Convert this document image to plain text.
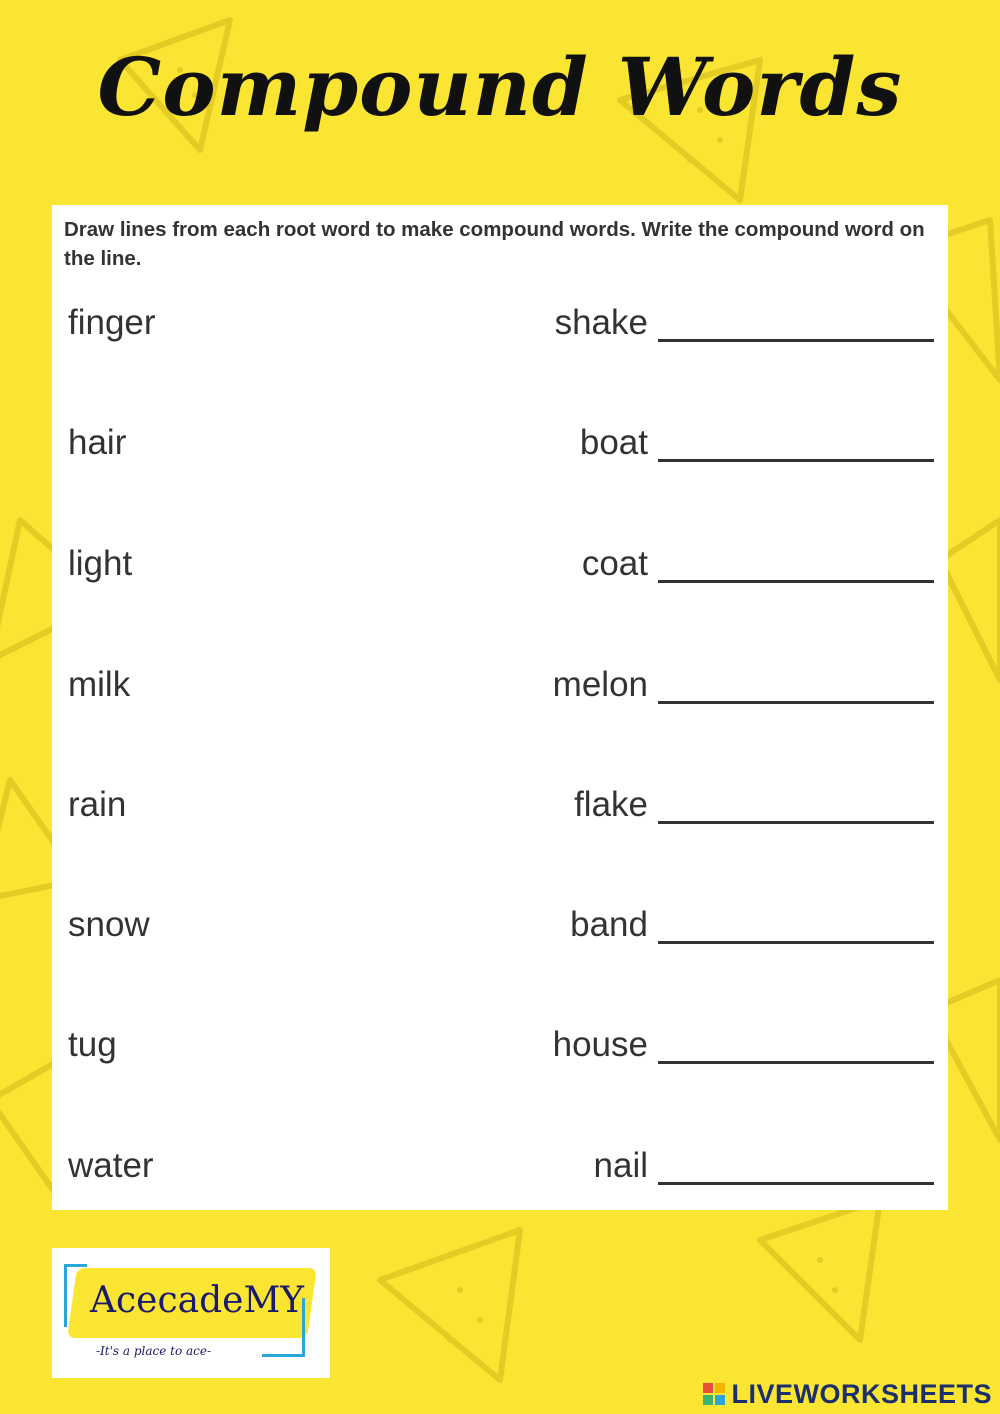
Compound Words
Draw lines from each root word to make compound words. Write the compound word on the line.
finger	shake
hair	boat
light	coat
milk	melon
rain	flake
snow	band
tug	house
water	nail
AcecadeMY
-It's a place to ace-
LIVEWORKSHEETS
